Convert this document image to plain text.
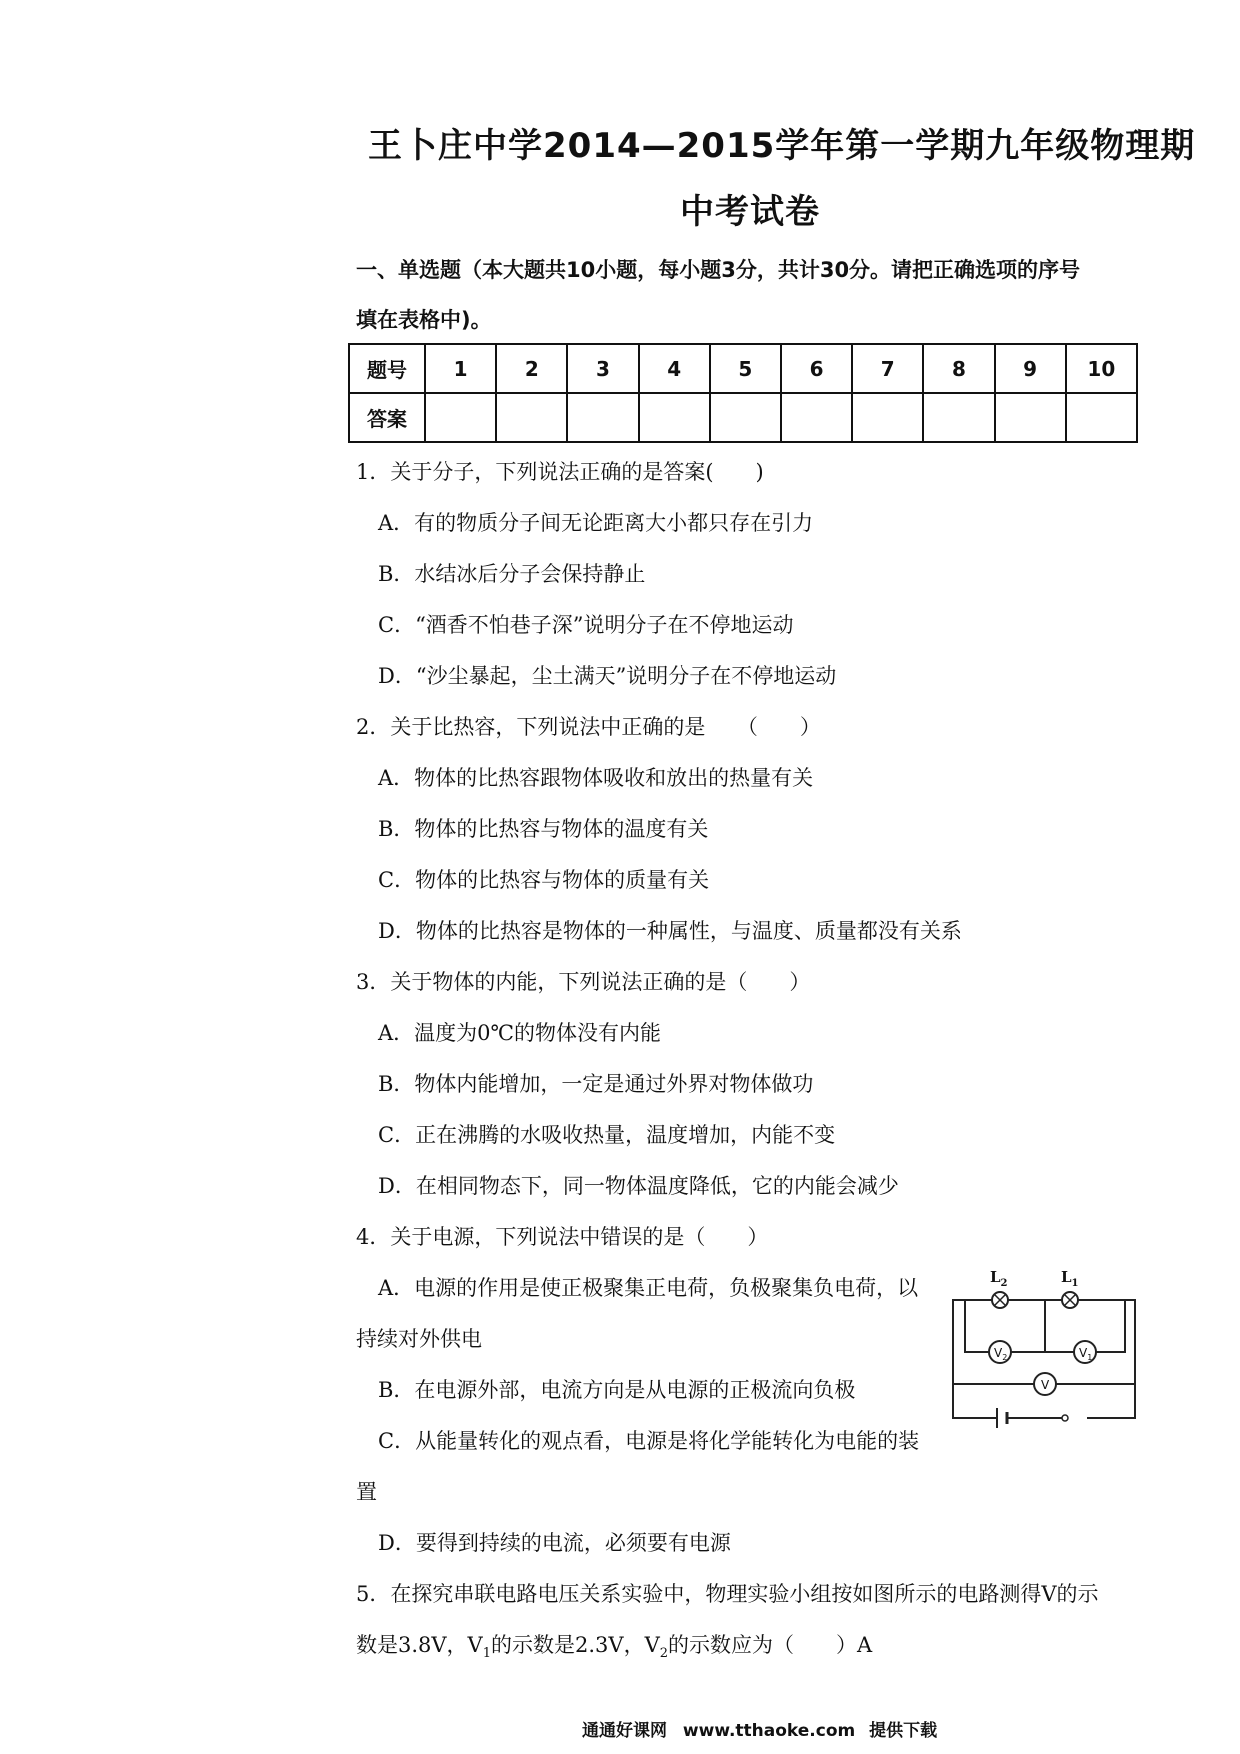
王卜庄中学2014—2015学年第一学期九年级物理期
中考试卷
一、单选题（本大题共10小题，每小题3分，共计30分。请把正确选项的序号
填在表格中)。
题号	1	2	3	4	5	6	7	8	9	10
答案										
1．关于分子，下列说法正确的是答案(　　)
A．有的物质分子间无论距离大小都只存在引力
B．水结冰后分子会保持静止
C．“酒香不怕巷子深”说明分子在不停地运动
D．“沙尘暴起，尘土满天”说明分子在不停地运动
2．关于比热容，下列说法中正确的是　　（　　）
A．物体的比热容跟物体吸收和放出的热量有关
B．物体的比热容与物体的温度有关
C．物体的比热容与物体的质量有关
D．物体的比热容是物体的一种属性，与温度、质量都没有关系
3．关于物体的内能，下列说法正确的是（　　）
A．温度为0℃的物体没有内能
B．物体内能增加，一定是通过外界对物体做功
C．正在沸腾的水吸收热量，温度增加，内能不变
D．在相同物态下，同一物体温度降低，它的内能会减少
4．关于电源，下列说法中错误的是（　　）
A．电源的作用是使正极聚集正电荷，负极聚集负电荷，以
持续对外供电
B．在电源外部，电流方向是从电源的正极流向负极
C．从能量转化的观点看，电源是将化学能转化为电能的装
置
D．要得到持续的电流，必须要有电源
5．在探究串联电路电压关系实验中，物理实验小组按如图所示的电路测得V的示
数是3.8V，$V_1$的示数是2.3V，$V_2$的示数应为（　　）A
$L_2$	$L_1$
$V_2$	$V_1$
V
通通好课网 www.tthaoke.com 提供下载
